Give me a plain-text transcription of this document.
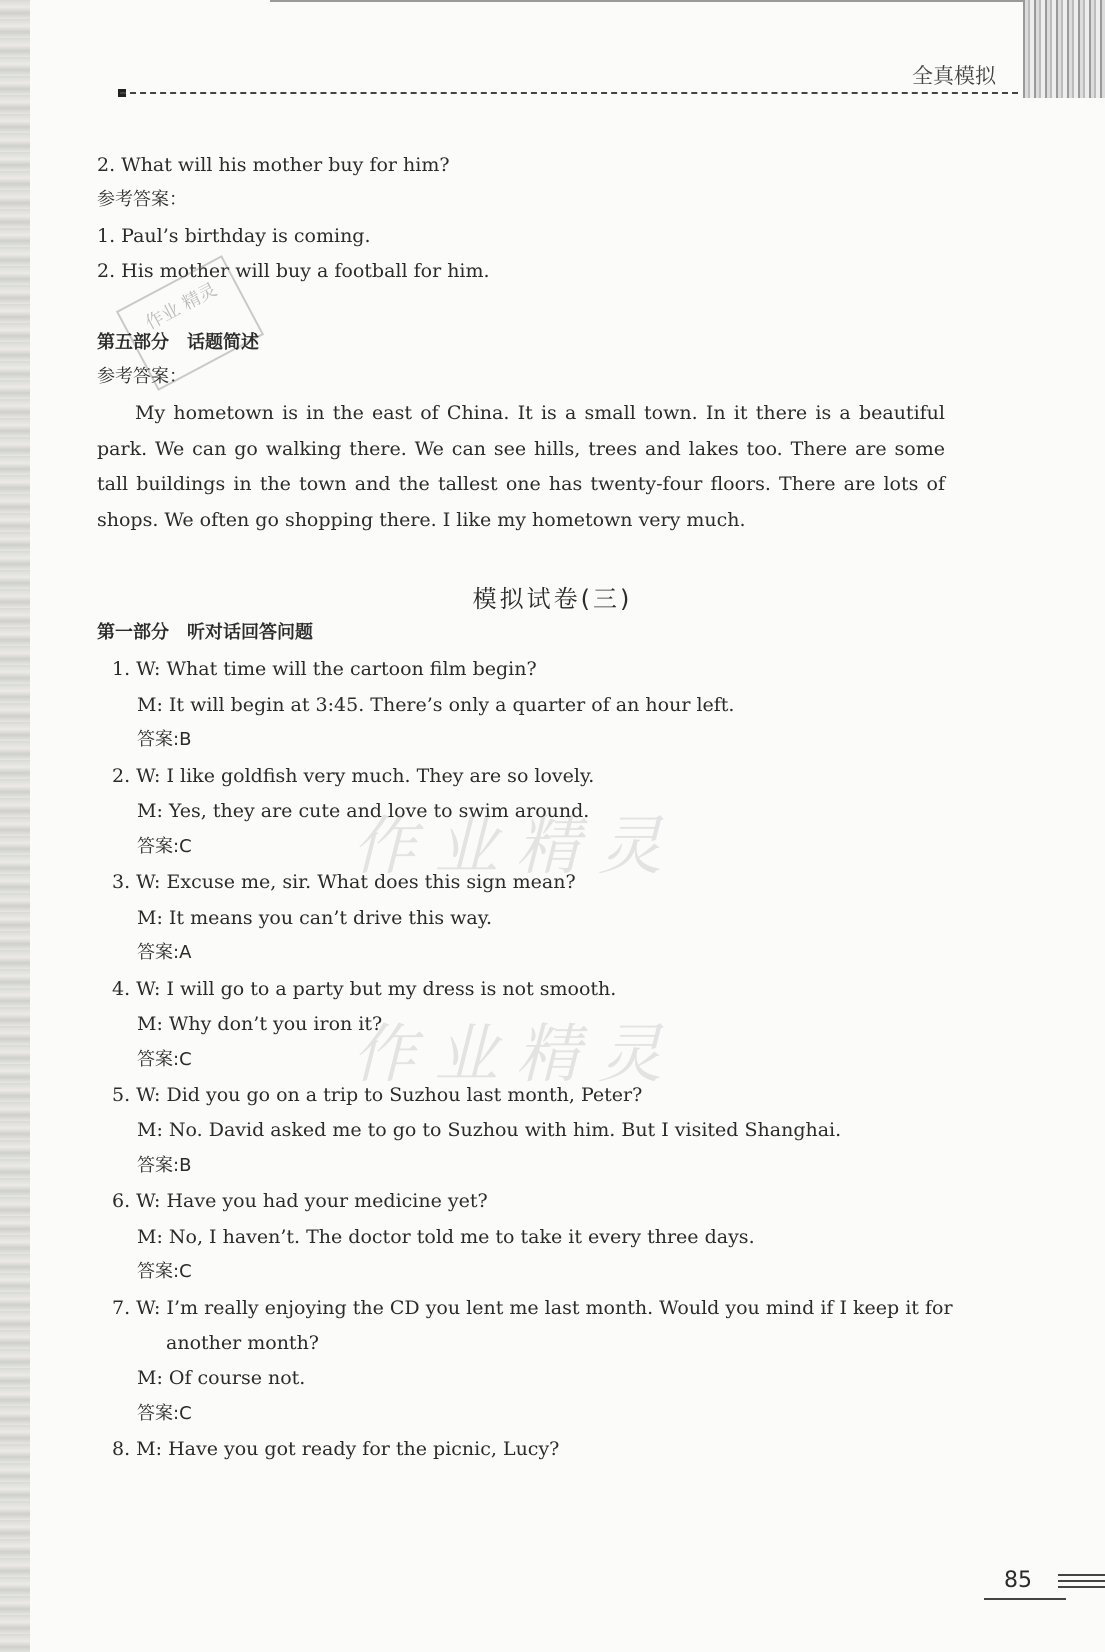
全真模拟
2. What will his mother buy for him?
参考答案：
1. Paul’s birthday is coming.
2. His mother will buy a football for him.
作业 精灵
第五部分　话题简述
参考答案：
My hometown is in the east of China. It is a small town. In it there is a beautiful park. We can go walking there. We can see hills, trees and lakes too. There are some tall buildings in the town and the tallest one has twenty-four floors. There are lots of shops. We often go shopping there. I like my hometown very much.
模拟试卷(三)
第一部分　听对话回答问题
1. W: What time will the cartoon film begin?
M: It will begin at 3:45. There’s only a quarter of an hour left.
答案:B
2. W: I like goldfish very much. They are so lovely.
M: Yes, they are cute and love to swim around.
答案:C
3. W: Excuse me, sir. What does this sign mean?
M: It means you can’t drive this way.
答案:A
4. W: I will go to a party but my dress is not smooth.
M: Why don’t you iron it?
答案:C
5. W: Did you go on a trip to Suzhou last month, Peter?
M: No. David asked me to go to Suzhou with him. But I visited Shanghai.
答案:B
6. W: Have you had your medicine yet?
M: No, I haven’t. The doctor told me to take it every three days.
答案:C
7. W: I’m really enjoying the CD you lent me last month. Would you mind if I keep it for
another month?
M: Of course not.
答案:C
8. M: Have you got ready for the picnic, Lucy?
作业精灵
作业精灵
85
